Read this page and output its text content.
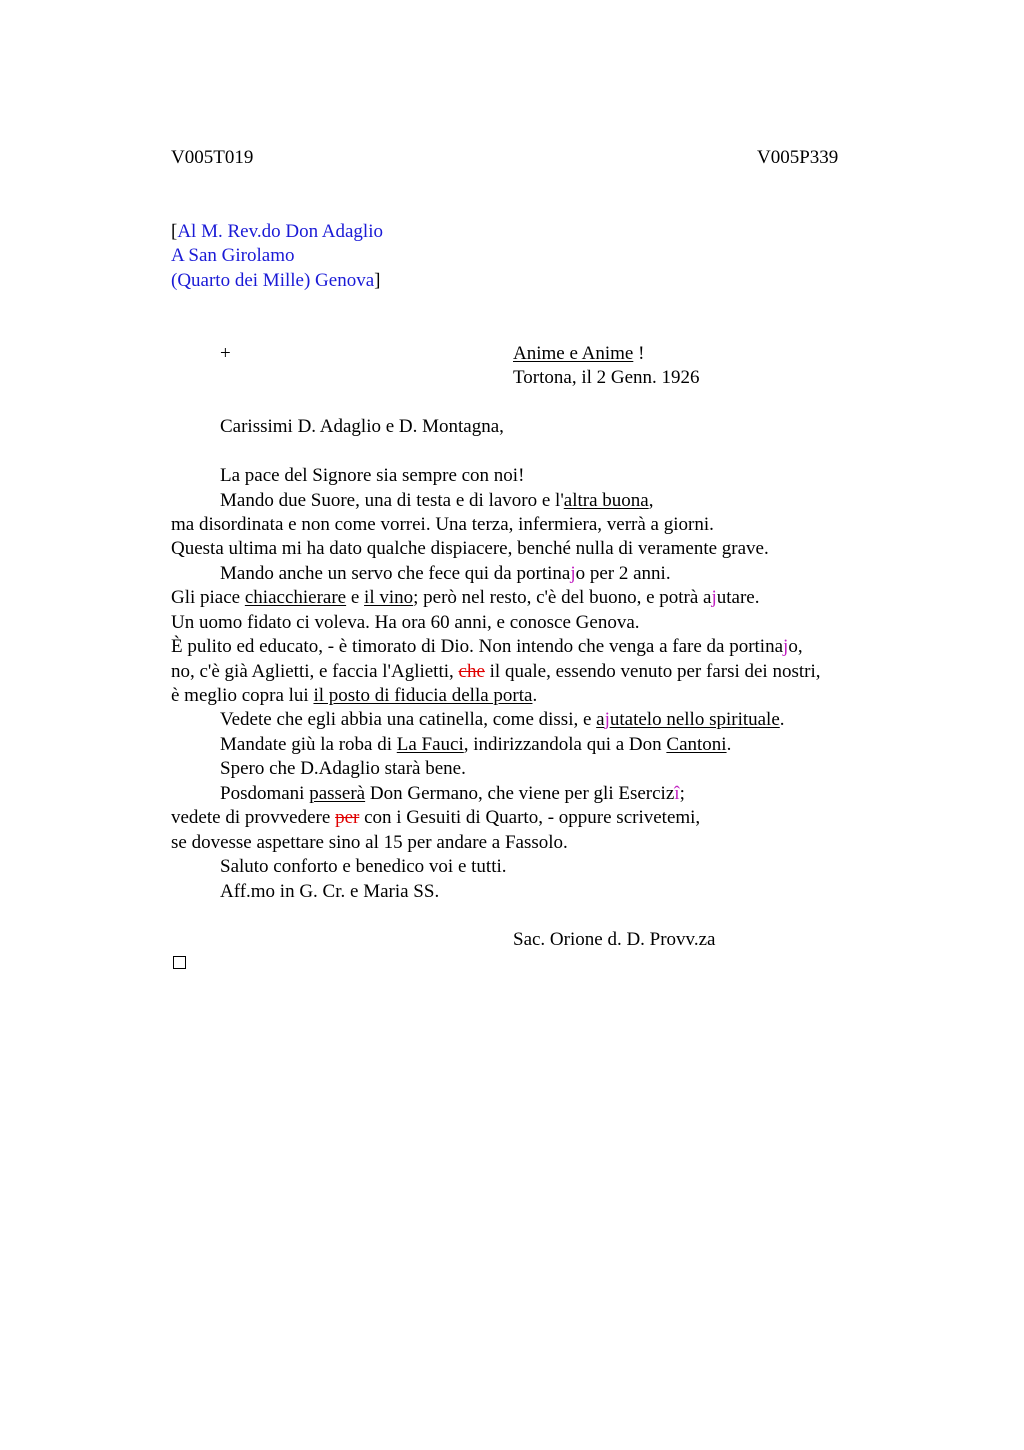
V005T019	V005P339
[Al M. Rev.do Don Adaglio
A San Girolamo
(Quarto dei Mille) Genova]
+	Anime e Anime !
Tortona, il 2 Genn. 1926
Carissimi D. Adaglio e D. Montagna,
La pace del Signore sia sempre con noi!
Mando due Suore, una di testa e di lavoro e l'altra buona,
ma disordinata e non come vorrei. Una terza, infermiera, verrà a giorni.
Questa ultima mi ha dato qualche dispiacere, benché nulla di veramente grave.
Mando anche un servo che fece qui da portinajo per 2 anni.
Gli piace chiacchierare e il vino; però nel resto, c'è del buono, e potrà ajutare.
Un uomo fidato ci voleva. Ha ora 60 anni, e conosce Genova.
È pulito ed educato, - è timorato di Dio. Non intendo che venga a fare da portinajo,
no, c'è già Aglietti, e faccia l'Aglietti, che il quale, essendo venuto per farsi dei nostri,
è meglio copra lui il posto di fiducia della porta.
Vedete che egli abbia una catinella, come dissi, e ajutatelo nello spirituale.
Mandate giù la roba di La Fauci, indirizzandola qui a Don Cantoni.
Spero che D.Adaglio starà bene.
Posdomani passerà Don Germano, che viene per gli Esercizî;
vedete di provvedere per con i Gesuiti di Quarto, - oppure scrivetemi,
se dovesse aspettare sino al 15 per andare a Fassolo.
Saluto conforto e benedico voi e tutti.
Aff.mo in G. Cr. e Maria SS.
Sac. Orione d. D. Provv.za
